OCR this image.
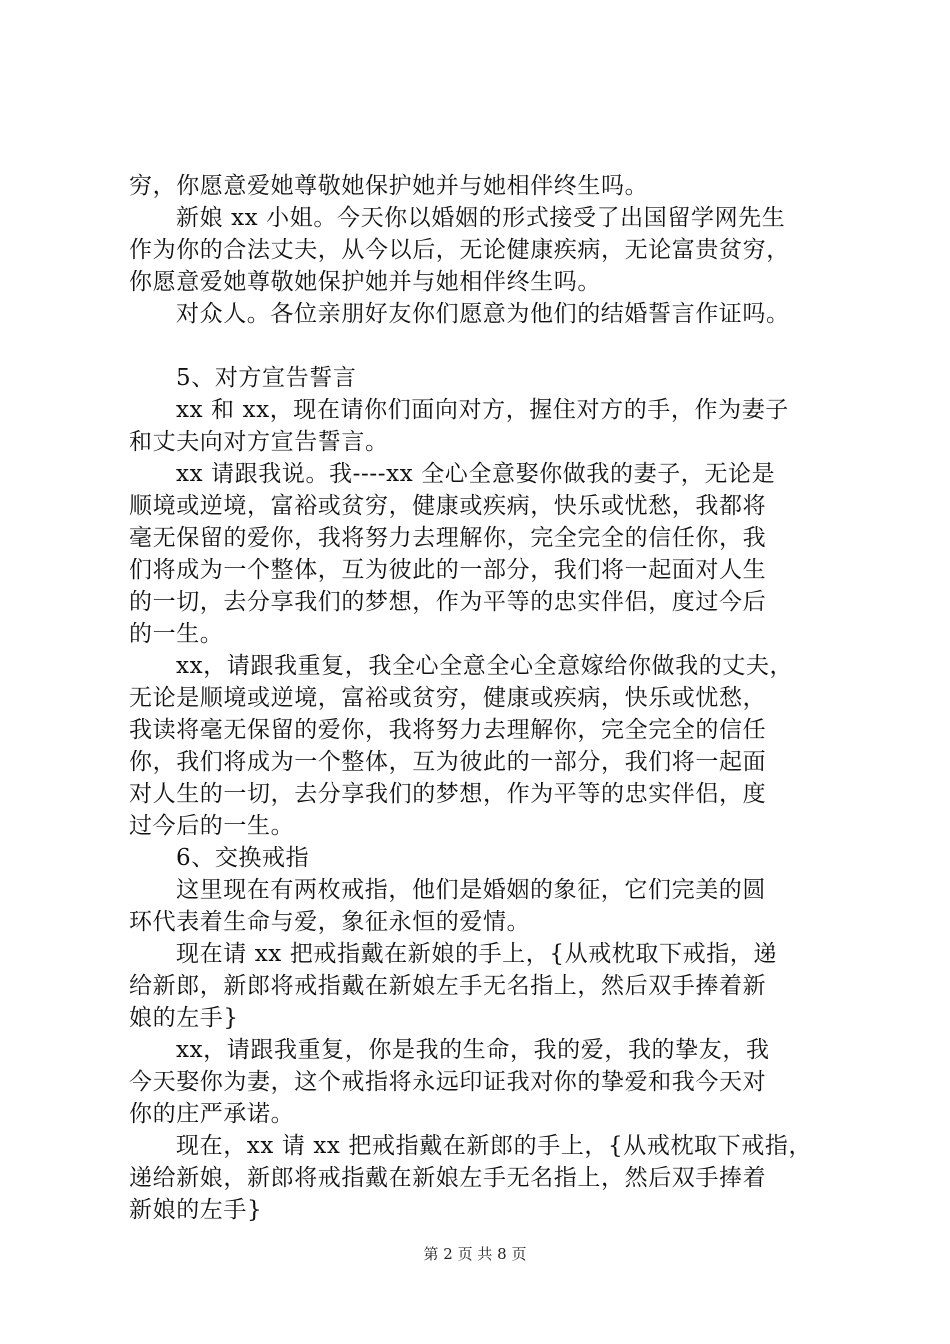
穷，你愿意爱她尊敬她保护她并与她相伴终生吗。
新娘 xx 小姐。今天你以婚姻的形式接受了出国留学网先生
作为你的合法丈夫，从今以后，无论健康疾病，无论富贵贫穷，
你愿意爱她尊敬她保护她并与她相伴终生吗。
对众人。各位亲朋好友你们愿意为他们的结婚誓言作证吗。
5、对方宣告誓言
xx 和 xx，现在请你们面向对方，握住对方的手，作为妻子
和丈夫向对方宣告誓言。
xx 请跟我说。我----xx 全心全意娶你做我的妻子，无论是
顺境或逆境，富裕或贫穷，健康或疾病，快乐或忧愁，我都将
毫无保留的爱你，我将努力去理解你，完全完全的信任你，我
们将成为一个整体，互为彼此的一部分，我们将一起面对人生
的一切，去分享我们的梦想，作为平等的忠实伴侣，度过今后
的一生。
xx，请跟我重复，我全心全意全心全意嫁给你做我的丈夫，
无论是顺境或逆境，富裕或贫穷，健康或疾病，快乐或忧愁，
我读将毫无保留的爱你，我将努力去理解你，完全完全的信任
你，我们将成为一个整体，互为彼此的一部分，我们将一起面
对人生的一切，去分享我们的梦想，作为平等的忠实伴侣，度
过今后的一生。
6、交换戒指
这里现在有两枚戒指，他们是婚姻的象征，它们完美的圆
环代表着生命与爱，象征永恒的爱情。
现在请 xx 把戒指戴在新娘的手上，{从戒枕取下戒指，递
给新郎，新郎将戒指戴在新娘左手无名指上，然后双手捧着新
娘的左手}
xx，请跟我重复，你是我的生命，我的爱，我的挚友，我
今天娶你为妻，这个戒指将永远印证我对你的挚爱和我今天对
你的庄严承诺。
现在，xx 请 xx 把戒指戴在新郎的手上，{从戒枕取下戒指，
递给新娘，新郎将戒指戴在新娘左手无名指上，然后双手捧着
新娘的左手}
第 2 页 共 8 页
